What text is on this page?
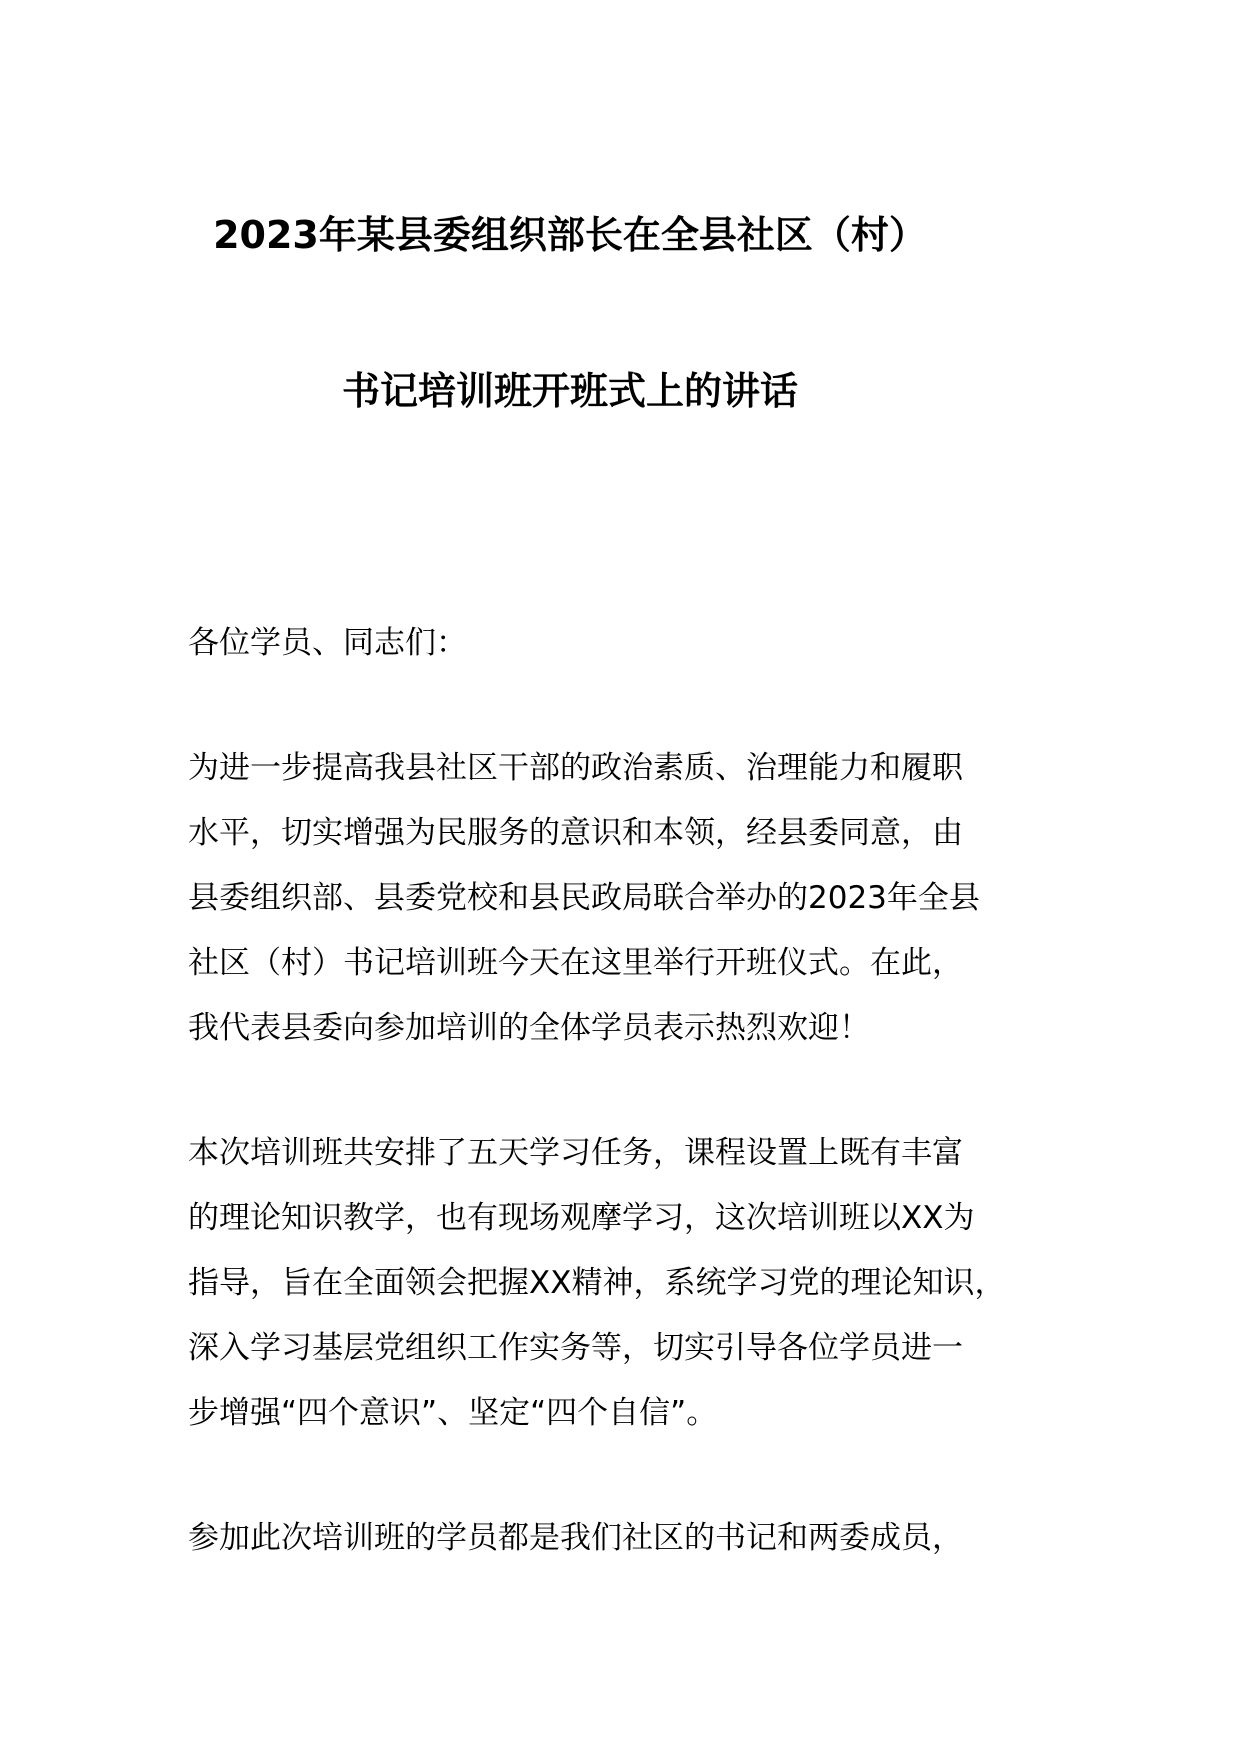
2023年某县委组织部长在全县社区（村）
书记培训班开班式上的讲话
各位学员、同志们：
为进一步提高我县社区干部的政治素质、治理能力和履职
水平，切实增强为民服务的意识和本领，经县委同意，由
县委组织部、县委党校和县民政局联合举办的2023年全县
社区（村）书记培训班今天在这里举行开班仪式。在此，
我代表县委向参加培训的全体学员表示热烈欢迎！
本次培训班共安排了五天学习任务，课程设置上既有丰富
的理论知识教学，也有现场观摩学习，这次培训班以XX为
指导，旨在全面领会把握XX精神，系统学习党的理论知识，
深入学习基层党组织工作实务等，切实引导各位学员进一
步增强“四个意识”、坚定“四个自信”。
参加此次培训班的学员都是我们社区的书记和两委成员，
